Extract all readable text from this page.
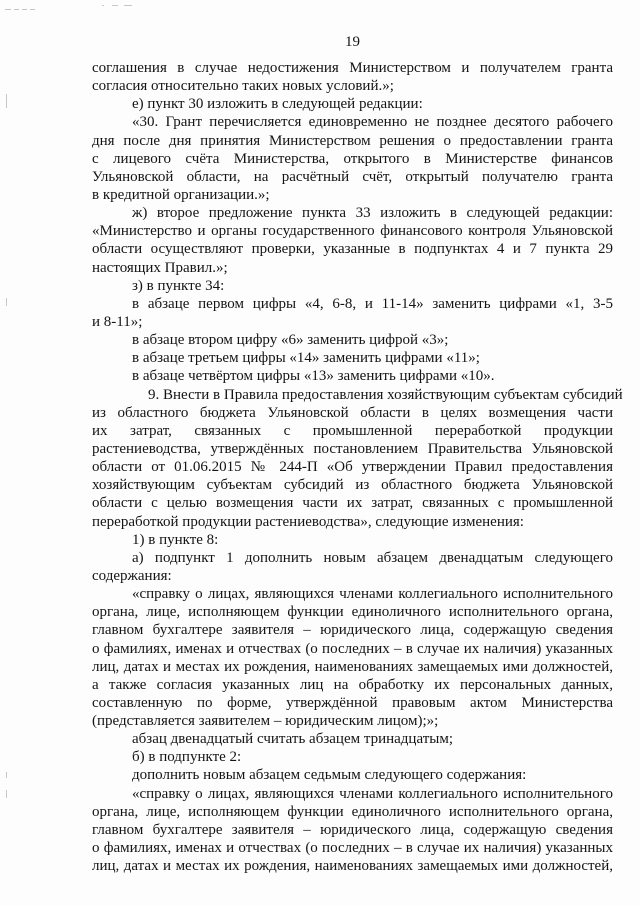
19
соглашения в случае недостижения Министерством и получателем гранта
согласия относительно таких новых условий.»;
е) пункт 30 изложить в следующей редакции:
«30. Грант перечисляется единовременно не позднее десятого рабочего
дня после дня принятия Министерством решения о предоставлении гранта
с лицевого счёта Министерства, открытого в Министерстве финансов
Ульяновской области, на расчётный счёт, открытый получателю гранта
в кредитной организации.»;
ж) второе предложение пункта 33 изложить в следующей редакции:
«Министерство и органы государственного финансового контроля Ульяновской
области осуществляют проверки, указанные в подпунктах 4 и 7 пункта 29
настоящих Правил.»;
з) в пункте 34:
в абзаце первом цифры «4, 6-8, и 11-14» заменить цифрами «1, 3-5
и 8-11»;
в абзаце втором цифру «6» заменить цифрой «3»;
в абзаце третьем цифры «14» заменить цифрами «11»;
в абзаце четвёртом цифры «13» заменить цифрами «10».
9. Внести в Правила предоставления хозяйствующим субъектам субсидий
из областного бюджета Ульяновской области в целях возмещения части
их затрат, связанных с промышленной переработкой продукции
растениеводства, утверждённых постановлением Правительства Ульяновской
области от 01.06.2015 № 244-П «Об утверждении Правил предоставления
хозяйствующим субъектам субсидий из областного бюджета Ульяновской
области с целью возмещения части их затрат, связанных с промышленной
переработкой продукции растениеводства», следующие изменения:
1) в пункте 8:
а) подпункт 1 дополнить новым абзацем двенадцатым следующего
содержания:
«справку о лицах, являющихся членами коллегиального исполнительного
органа, лице, исполняющем функции единоличного исполнительного органа,
главном бухгалтере заявителя – юридического лица, содержащую сведения
о фамилиях, именах и отчествах (о последних – в случае их наличия) указанных
лиц, датах и местах их рождения, наименованиях замещаемых ими должностей,
а также согласия указанных лиц на обработку их персональных данных,
составленную по форме, утверждённой правовым актом Министерства
(представляется заявителем – юридическим лицом);»;
абзац двенадцатый считать абзацем тринадцатым;
б) в подпункте 2:
дополнить новым абзацем седьмым следующего содержания:
«справку о лицах, являющихся членами коллегиального исполнительного
органа, лице, исполняющем функции единоличного исполнительного органа,
главном бухгалтере заявителя – юридического лица, содержащую сведения
о фамилиях, именах и отчествах (о последних – в случае их наличия) указанных
лиц, датах и местах их рождения, наименованиях замещаемых ими должностей,
